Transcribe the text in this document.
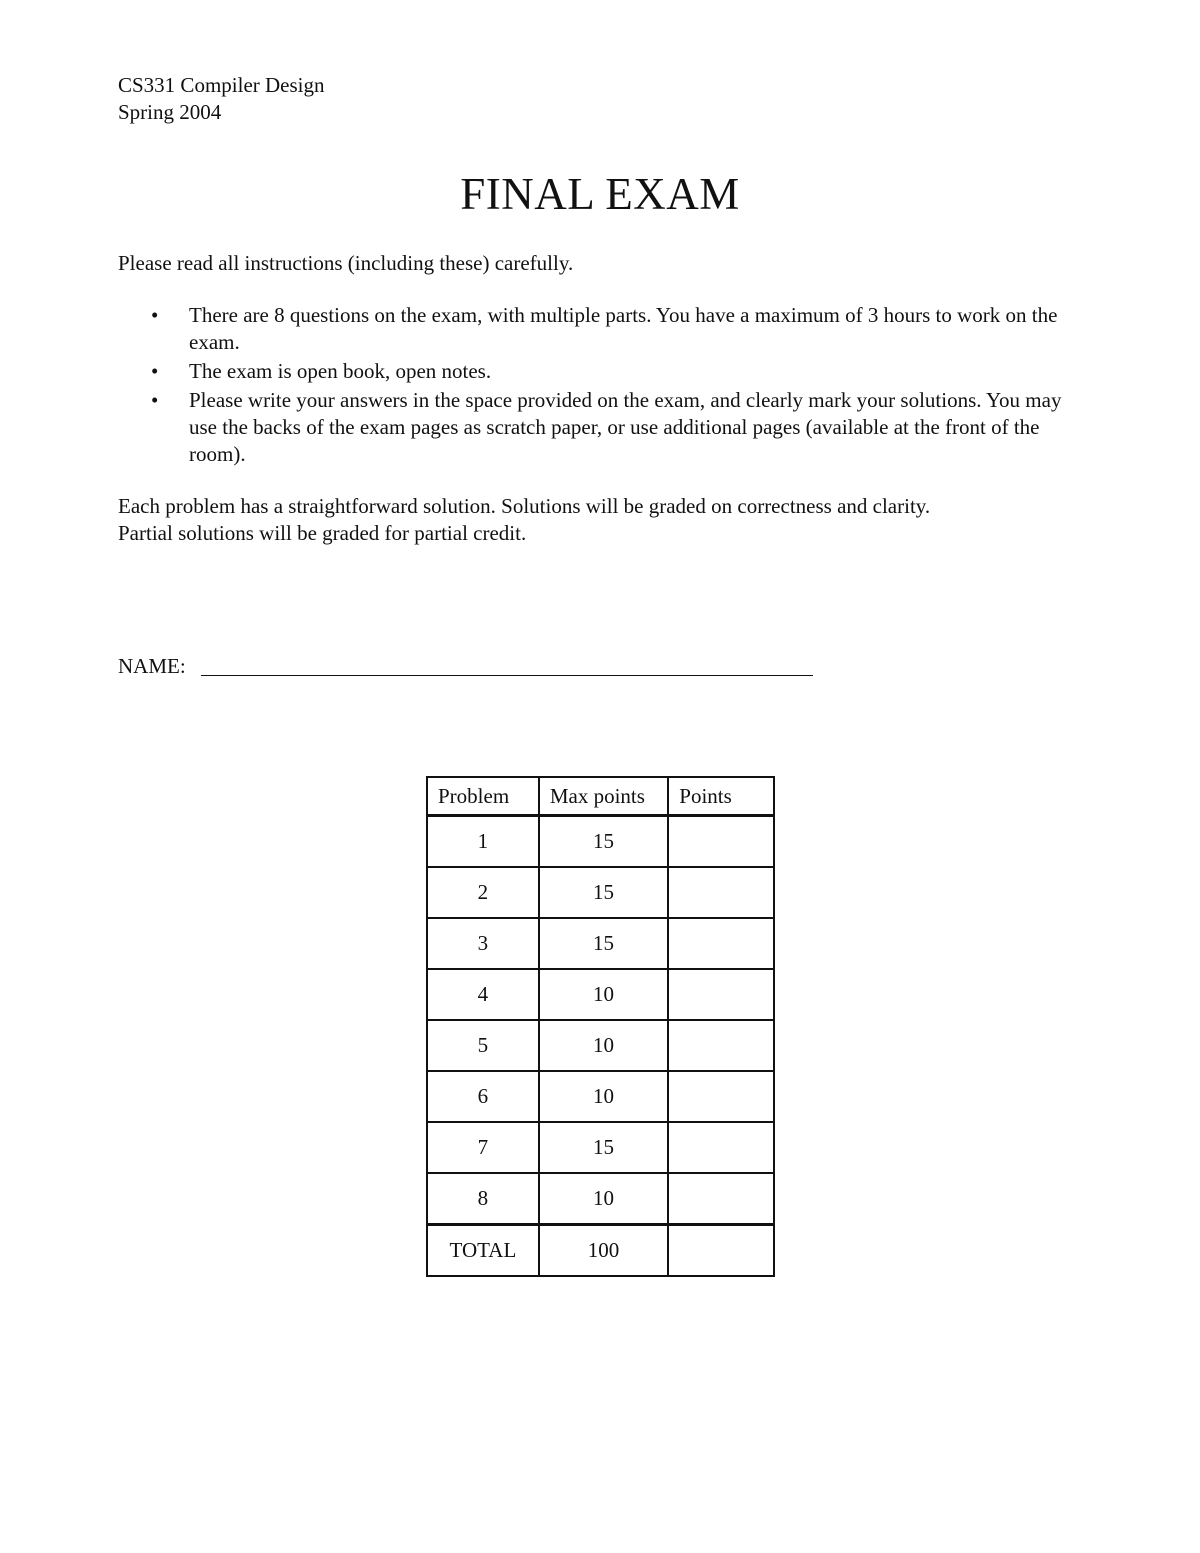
CS331 Compiler Design
Spring 2004
FINAL EXAM
Please read all instructions (including these) carefully.
• There are 8 questions on the exam, with multiple parts. You have a maximum of 3 hours to work on the exam.
• The exam is open book, open notes.
• Please write your answers in the space provided on the exam, and clearly mark your solutions. You may use the backs of the exam pages as scratch paper, or use additional pages (available at the front of the room).
Each problem has a straightforward solution. Solutions will be graded on correctness and clarity.
Partial solutions will be graded for partial credit.
NAME:
Problem	Max points	Points
1	15	
2	15	
3	15	
4	10	
5	10	
6	10	
7	15	
8	10	
TOTAL	100	
